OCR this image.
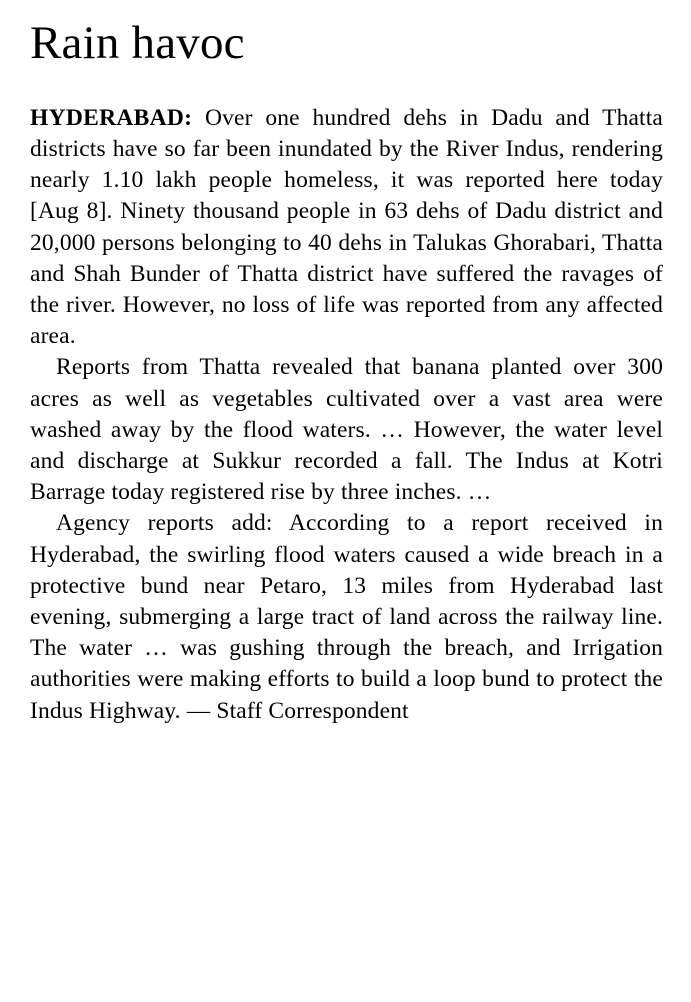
Rain havoc

HYDERABAD: Over one hundred dehs in Dadu and Thatta districts have so far been inundated by the River Indus, rendering nearly 1.10 lakh people homeless, it was reported here today [Aug 8]. Ninety thousand people in 63 dehs of Dadu district and 20,000 persons belonging to 40 dehs in Talukas Ghorabari, Thatta and Shah Bunder of Thatta district have suffered the ravages of the river. However, no loss of life was reported from any affected area.

Reports from Thatta revealed that banana planted over 300 acres as well as vegetables cultivated over a vast area were washed away by the flood waters. … However, the water level and discharge at Sukkur recorded a fall. The Indus at Kotri Barrage today registered rise by three inches. …

Agency reports add: According to a report received in Hyderabad, the swirling flood waters caused a wide breach in a protective bund near Petaro, 13 miles from Hyderabad last evening, submerging a large tract of land across the railway line. The water … was gushing through the breach, and Irrigation authorities were making efforts to build a loop bund to protect the Indus Highway. — Staff Correspondent
